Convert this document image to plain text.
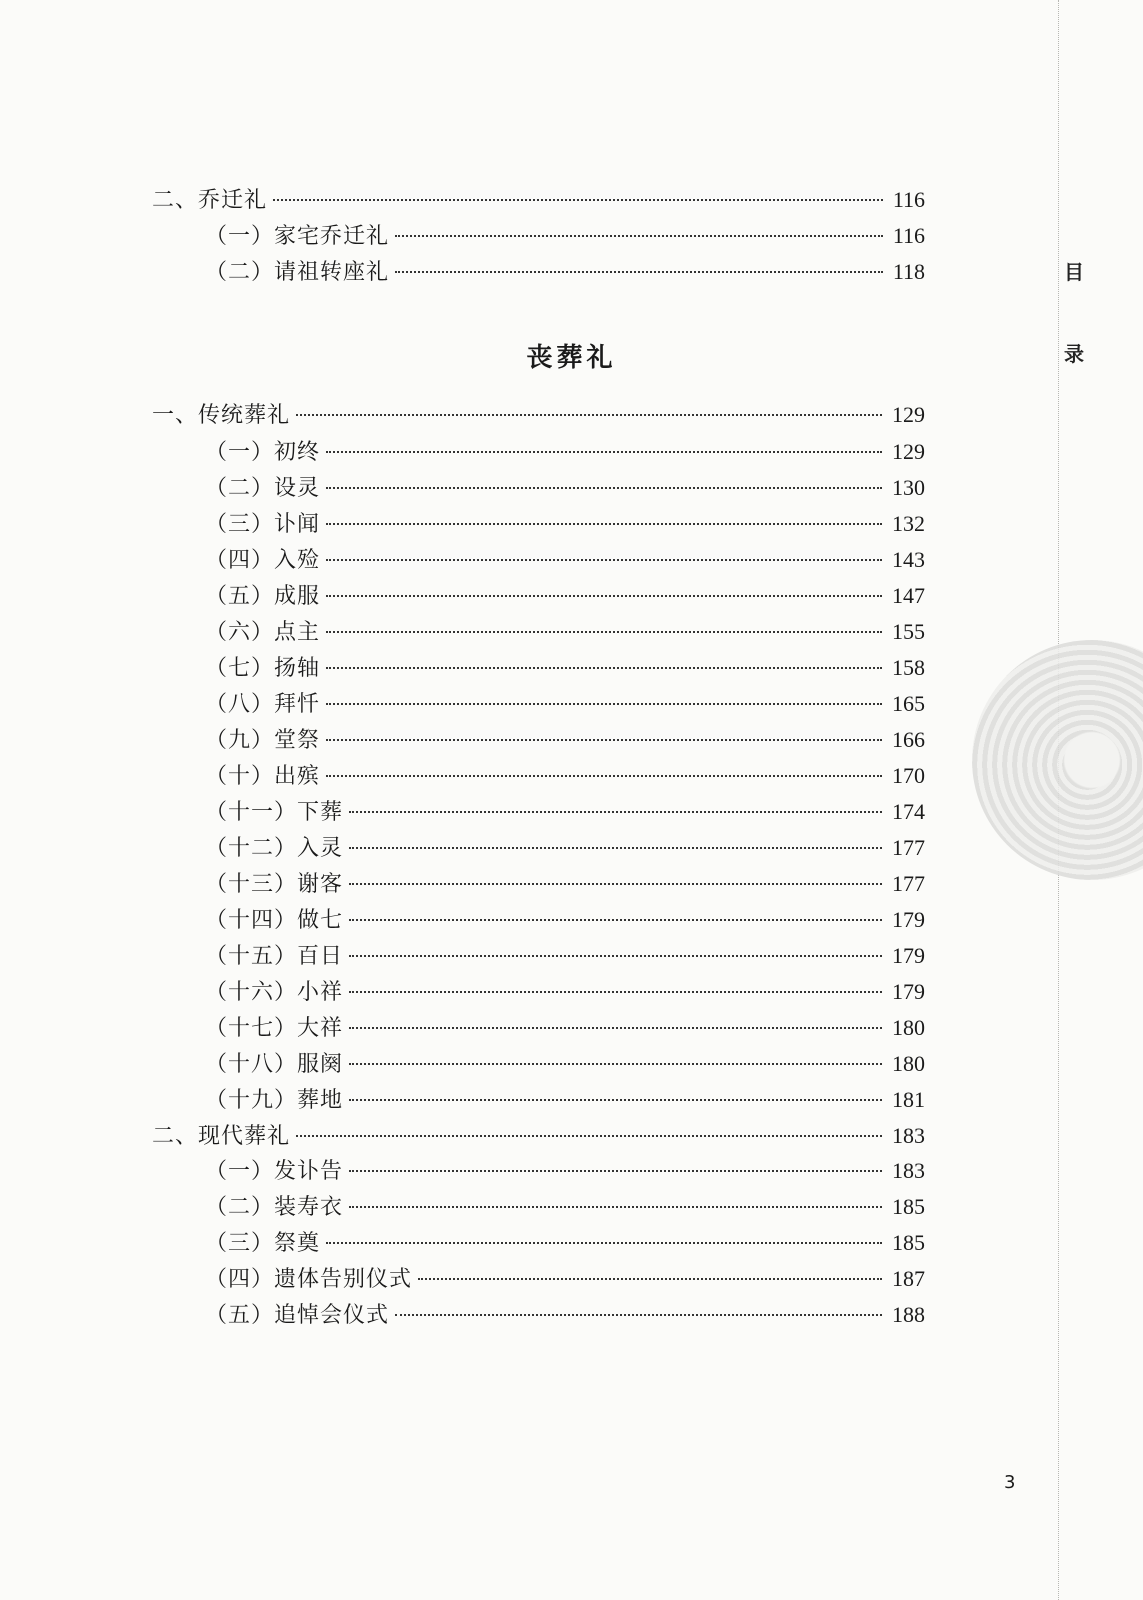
目
录
二、乔迁礼	116
（一）家宅乔迁礼	116
（二）请祖转座礼	118
丧葬礼
一、传统葬礼	129
（一）初终	129
（二）设灵	130
（三）讣闻	132
（四）入殓	143
（五）成服	147
（六）点主	155
（七）扬轴	158
（八）拜忏	165
（九）堂祭	166
（十）出殡	170
（十一）下葬	174
（十二）入灵	177
（十三）谢客	177
（十四）做七	179
（十五）百日	179
（十六）小祥	179
（十七）大祥	180
（十八）服阕	180
（十九）葬地	181
二、现代葬礼	183
（一）发讣告	183
（二）装寿衣	185
（三）祭奠	185
（四）遗体告别仪式	187
（五）追悼会仪式	188
3
